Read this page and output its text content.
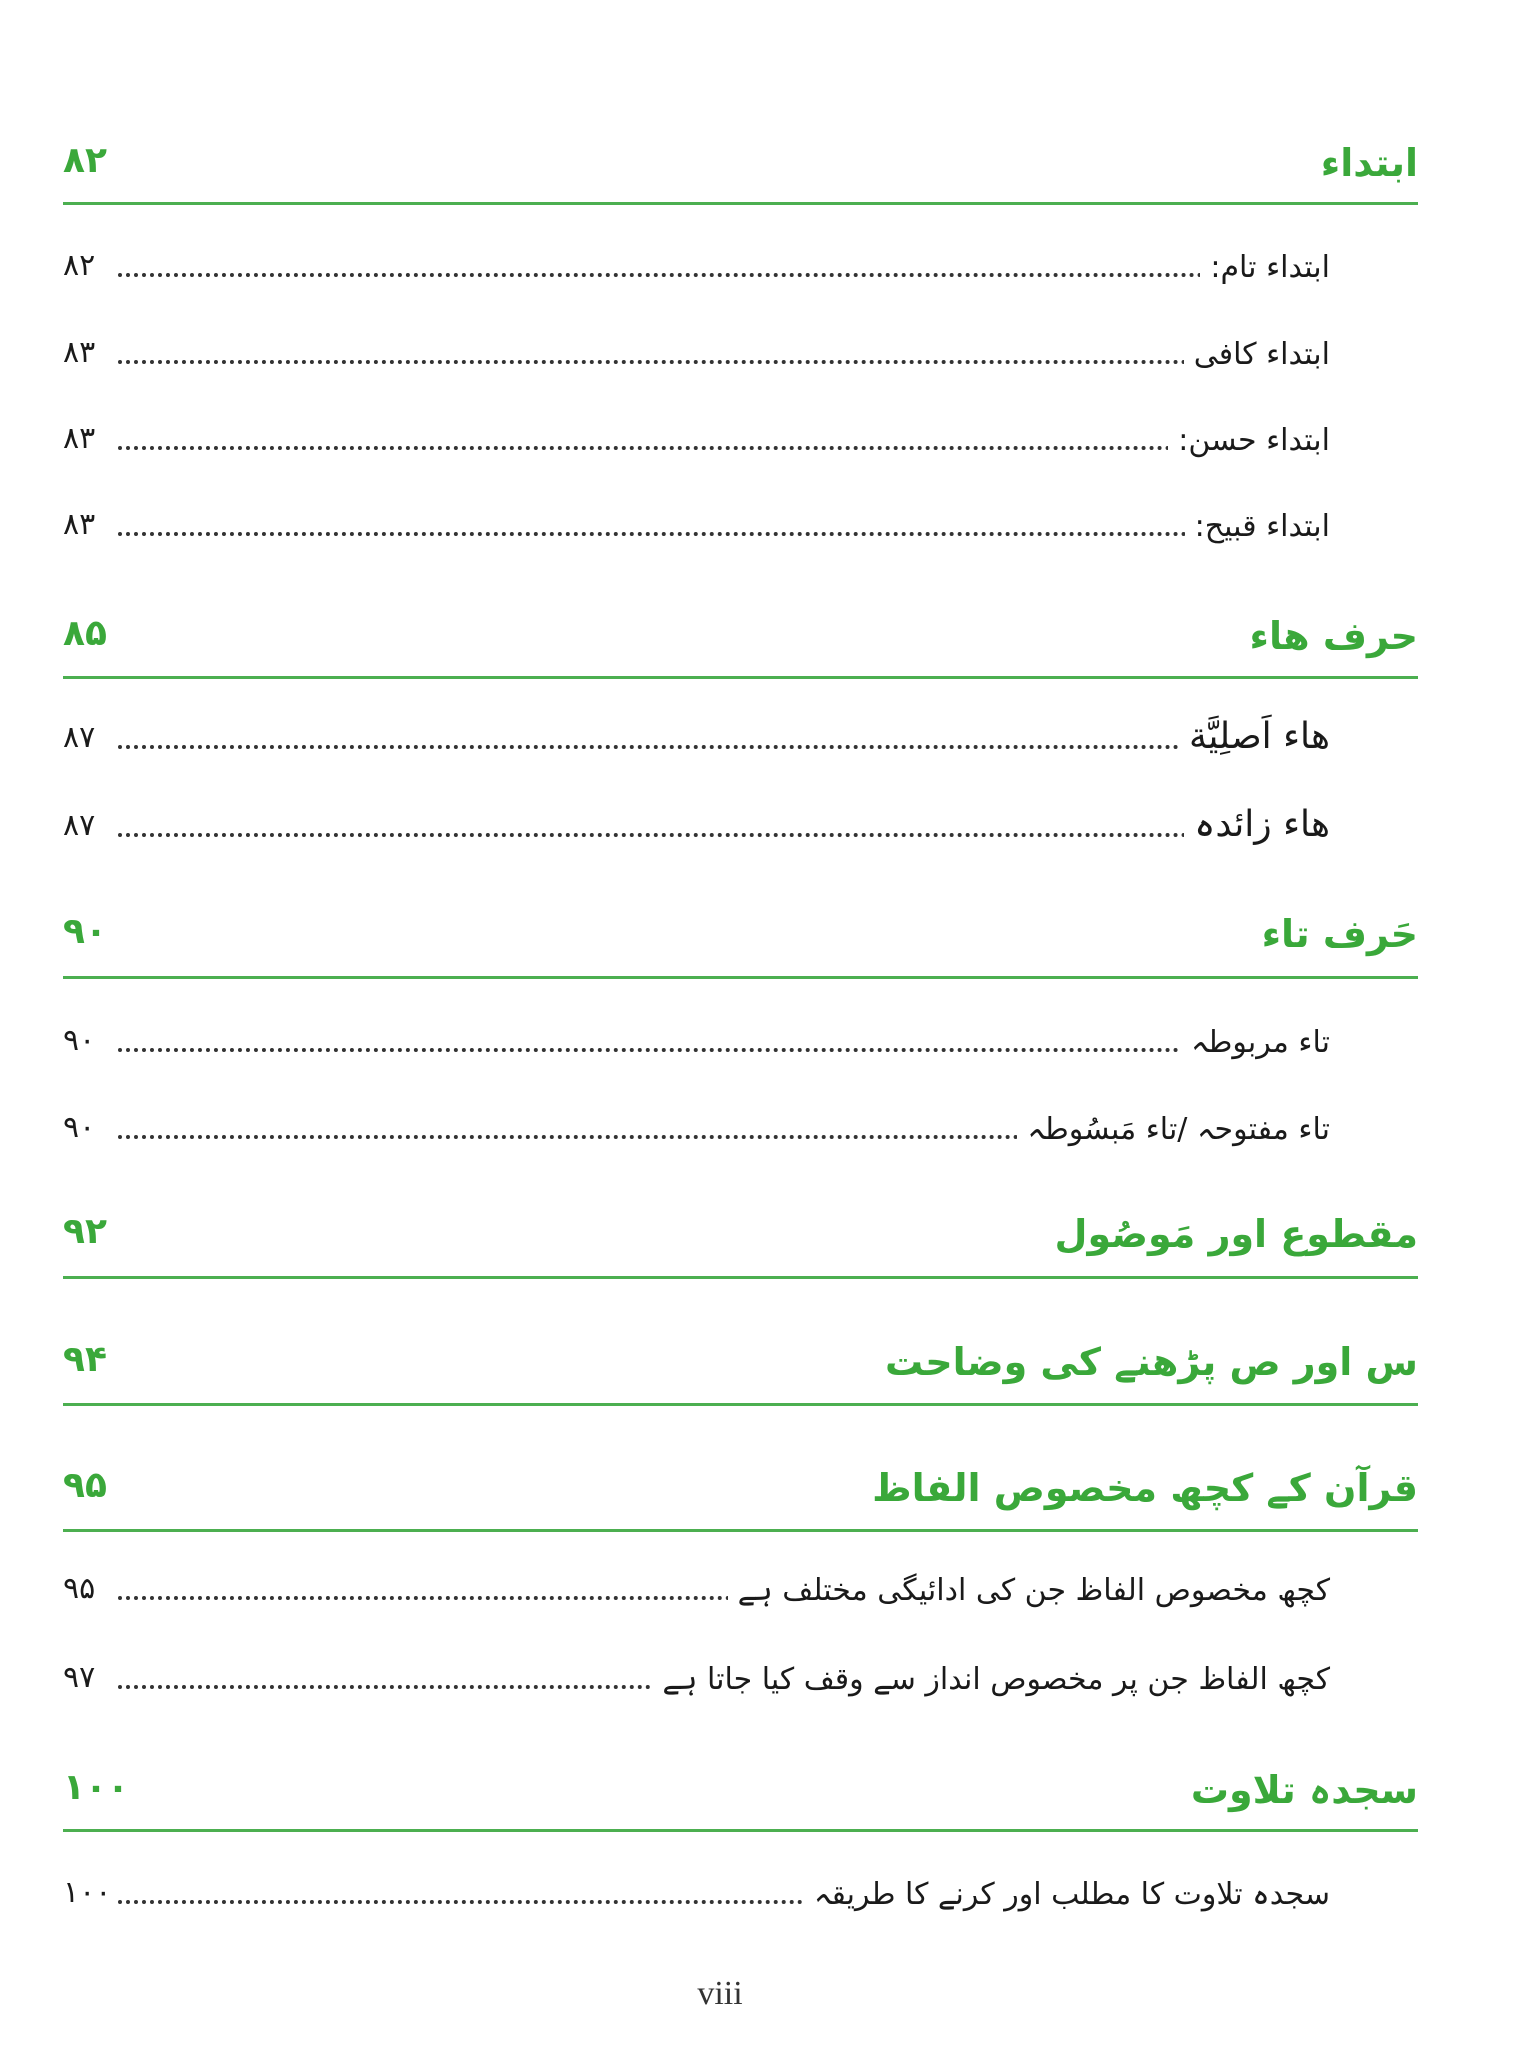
ابتداء
۸۲
ابتداء تام:
۸۲
ابتداء کافی
۸۳
ابتداء حسن:
۸۳
ابتداء قبیح:
۸۳
حرف ھاء
۸۵
ھاء اَصلِیَّة
۸۷
ھاء زائدہ
۸۷
حَرف تاء
۹۰
تاء مربوطہ
۹۰
تاء مفتوحہ /تاء مَبسُوطہ
۹۰
مقطوع اور مَوصُول
۹۲
س اور ص پڑھنے کی وضاحت
۹۴
قرآن کے کچھ مخصوص الفاظ
۹۵
کچھ مخصوص الفاظ جن کی ادائیگی مختلف ہے
۹۵
کچھ الفاظ جن پر مخصوص انداز سے وقف کیا جاتا ہے
۹۷
سجدہ تلاوت
۱۰۰
سجدہ تلاوت کا مطلب اور کرنے کا طریقہ
۱۰۰
viii
